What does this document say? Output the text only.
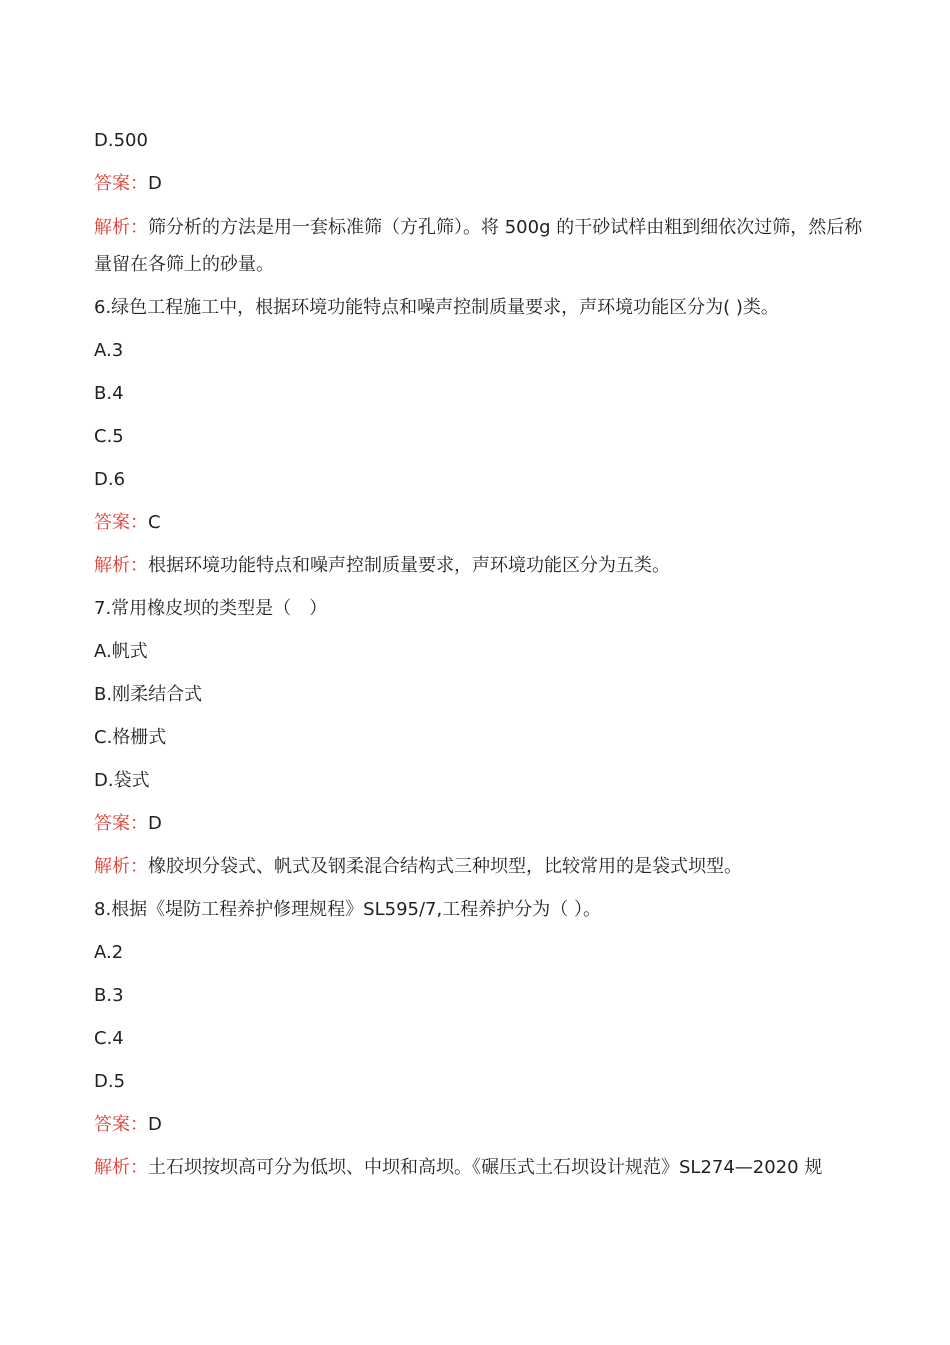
D.500
答案：D
解析：筛分析的方法是用一套标准筛（方孔筛）。将 500g 的干砂试样由粗到细依次过筛，然后称量留在各筛上的砂量。
6.绿色工程施工中，根据环境功能特点和噪声控制质量要求，声环境功能区分为( )类。
A.3
B.4
C.5
D.6
答案：C
解析：根据环境功能特点和噪声控制质量要求，声环境功能区分为五类。
7.常用橡皮坝的类型是（　）
A.帆式
B.刚柔结合式
C.格栅式
D.袋式
答案：D
解析：橡胶坝分袋式、帆式及钢柔混合结构式三种坝型，比较常用的是袋式坝型。
8.根据《堤防工程养护修理规程》SL595/7,工程养护分为（ ）。
A.2
B.3
C.4
D.5
答案：D
解析：土石坝按坝高可分为低坝、中坝和高坝。《碾压式土石坝设计规范》SL274—2020 规
